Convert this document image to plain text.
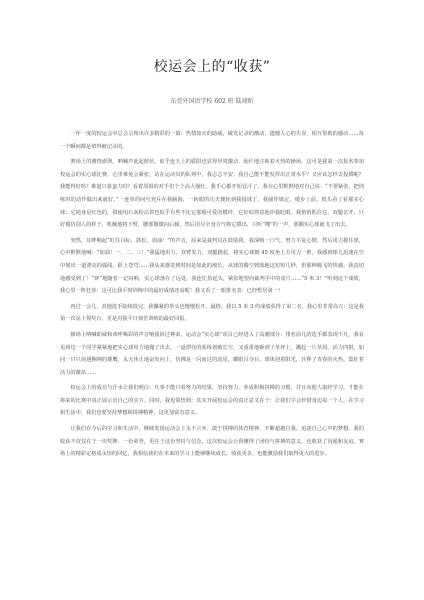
校运会上的“收获”
东莞外国语学校 602 班 陆翊昕

一年一度的校运会中总会呈现出许多精彩的一幕：热情如火的助威，破发记录的激动，遗憾人心的失误，相互帮助的感动……每一个瞬间都是值得被记录的。

赛场上的激情澎湃，呐喊声此起彼伏，似乎连天上的骄阳也显得异常激动，灿烂地注视着火热的操场。这可是我第一次报名参加校运会的实心球比赛，心里难免会紧张，站在运动员的队列中，我忐忑不安：我自己能不能发挥出正常水平？又应该怎样去投掷呢？我能得好吗？难道只靠蛮力吗？看着周围的对手们个个高大强壮，我手心都开始冒汗了。我在心里默默地对自己说：“不要紧张，把训练时的动作做出来就好。”一连串的问号充斥在我脑海，一转眼的功夫便轮到我投球了。我强作镇定，缓步上前，低头看了看那实心球：它通身是红色的，摸使用石灰粉沾着也似乎有些不比它那般可爱的模样，它好似得意地冲我眨眼。我悄悄抓住它，双腿岔开，只好模仿别人的样子，机械地将下臂，腰部微微向后倾，然后用尽全身力气将它掷出，只听“嗖”的一声，那颗实心球就飞了出去。

突然，耳畔响起“盯住目标，鼓松，加油！”的声音，原来是裁判员在鼓励我。我深吸一口气，努力平复心情，然后用力握住球，心中默默地喊：“加油！一、二、三！”我猛地用力，双臂发力，双腿蹬起，将实心球朝 45 度角上方用力一推，我感到球儿迅速在空中划出一道漂亮的弧线，跃上苍穹……我从来感觉到时间是如此的漫长，从球的腾空到落地这短短几秒，但那种腾飞的快感，我真切地感受到了！“砰”地随着一记闷响，实心球落在了远处。我连忙抬起头，紧张地望向裁判手中的皮尺……“5 米 3！”听到这个成绩，我心里一阵狂喜：这可比我平时训练中的最好成绩还高呢！我又看了一眼排名表：已经暂居第一！

再过一会儿，其他选手陆续投完，我攥紧的拳头也慢慢松开。最终，我以 5 米 3 的成绩获得了第二名。我心里非常高兴：这是我第一次站上领奖台，更是对我平日刻苦训练的最好回报。

操场上呐喊助威和欢呼喝彩的声音响我回过神来，运动会“实心球”项目已经进入了高潮部分：排名前几的选手都表现不凡，我看见场边一个同学紧紧地把实心球用力地抛了出去，一道漂亮的弧线划破长空，又重重地砸到了草坪上，溅起一片草屑。活力四射，如同一只只展翅翱翔的雄鹰，永无休止地奋发向上，仿佛是一闪而过的流星，耀眼目夺目，球体迎着阳光，诠释了青春的火热，集征着活力的激昂……

校运会上的成功与汗水让我们明白：凡事不能只看努力的结果，坚持努力，养成积极拼搏的习惯，并且向他人取经学习，才能在将来的比赛中真正展示出自己的实力。同时，我也领悟到：其实开展校运会的真正意义在于：让我们学会珍惜身边每一个人，在学习和生活中，我们也要坚持梦想和拼搏精神，这更加富有意义。

让我们在今后的学习和生活中，继续发扬运动会上永不言弃、敢于拼搏的体育精神，不断超越自我，追逐自己心中的梦想。我的收获不仅仅在于一块奖牌、一份荣誉，更在于这份坚持与信念，这次校运会让我懂得了团结与拼搏的意义，也收获了沟通和友谊。赛场上的精彩定格成永恒的回忆，我相信我们在未来的学习上能够继续成长，收获更多，也能激励我们取得更大的进步。
